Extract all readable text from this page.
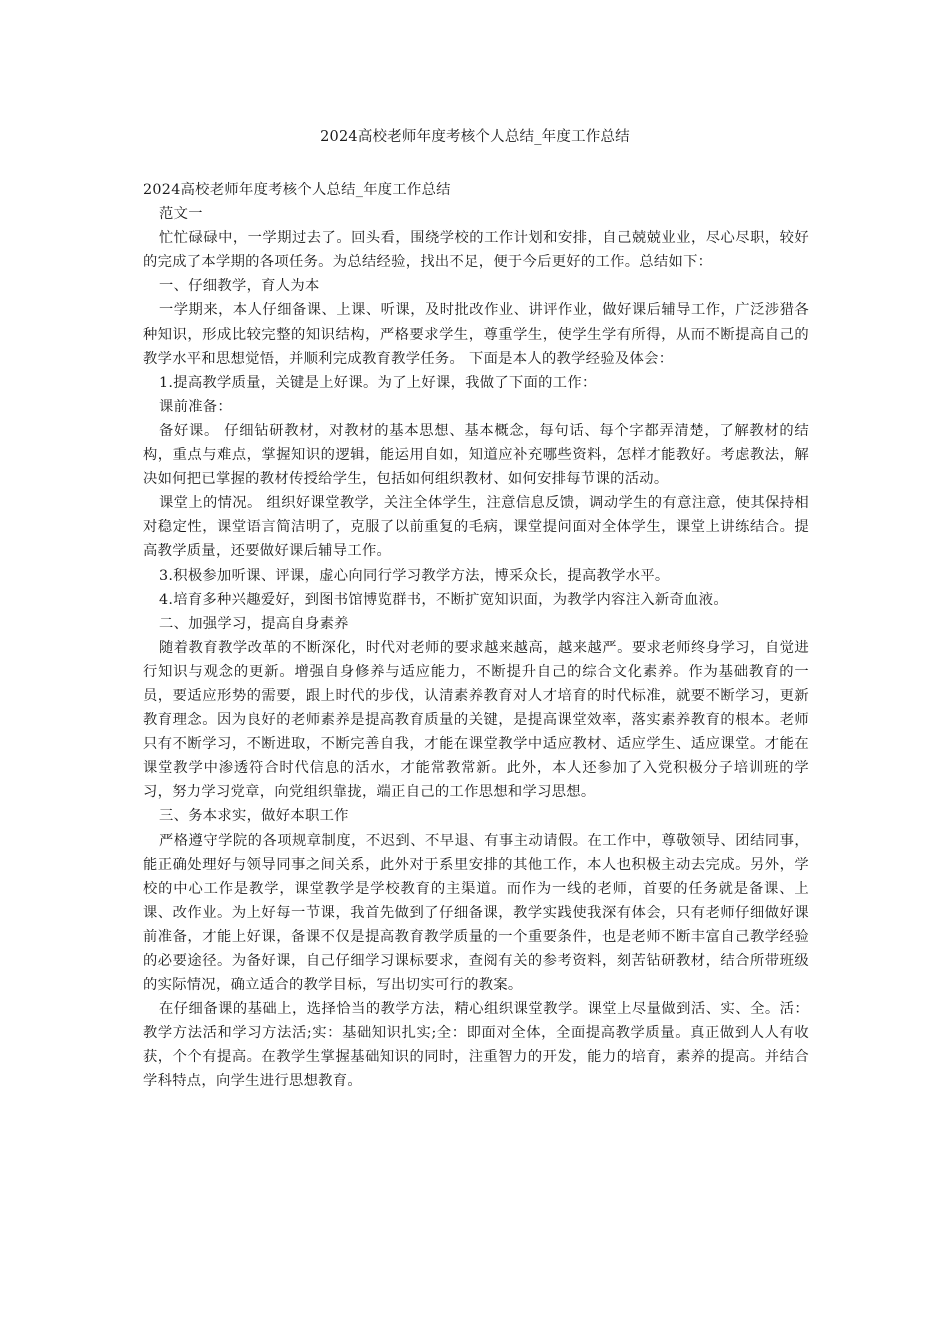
2024高校老师年度考核个人总结_年度工作总结

2024高校老师年度考核个人总结_年度工作总结

范文一

忙忙碌碌中，一学期过去了。回头看，围绕学校的工作计划和安排，自己兢兢业业，尽心尽职，较好的完成了本学期的各项任务。为总结经验，找出不足，便于今后更好的工作。总结如下：

一、仔细教学，育人为本

一学期来，本人仔细备课、上课、听课，及时批改作业、讲评作业，做好课后辅导工作，广泛涉猎各种知识，形成比较完整的知识结构，严格要求学生，尊重学生，使学生学有所得，从而不断提高自己的教学水平和思想觉悟，并顺利完成教育教学任务。 下面是本人的教学经验及体会：

1.提高教学质量，关键是上好课。为了上好课，我做了下面的工作：

课前准备：

备好课。 仔细钻研教材，对教材的基本思想、基本概念，每句话、每个字都弄清楚，了解教材的结构，重点与难点，掌握知识的逻辑，能运用自如，知道应补充哪些资料，怎样才能教好。考虑教法，解决如何把已掌握的教材传授给学生，包括如何组织教材、如何安排每节课的活动。

课堂上的情况。 组织好课堂教学，关注全体学生，注意信息反馈，调动学生的有意注意，使其保持相对稳定性，课堂语言简洁明了，克服了以前重复的毛病，课堂提问面对全体学生，课堂上讲练结合。提高教学质量，还要做好课后辅导工作。

3.积极参加听课、评课，虚心向同行学习教学方法，博采众长，提高教学水平。

4.培育多种兴趣爱好，到图书馆博览群书，不断扩宽知识面，为教学内容注入新奇血液。

二、加强学习，提高自身素养

随着教育教学改革的不断深化，时代对老师的要求越来越高，越来越严。要求老师终身学习，自觉进行知识与观念的更新。增强自身修养与适应能力，不断提升自己的综合文化素养。作为基础教育的一员，要适应形势的需要，跟上时代的步伐，认清素养教育对人才培育的时代标准，就要不断学习，更新教育理念。因为良好的老师素养是提高教育质量的关键，是提高课堂效率，落实素养教育的根本。老师只有不断学习，不断进取，不断完善自我，才能在课堂教学中适应教材、适应学生、适应课堂。才能在课堂教学中渗透符合时代信息的活水，才能常教常新。此外，本人还参加了入党积极分子培训班的学习，努力学习党章，向党组织靠拢，端正自己的工作思想和学习思想。

三、务本求实，做好本职工作

严格遵守学院的各项规章制度，不迟到、不早退、有事主动请假。在工作中，尊敬领导、团结同事，能正确处理好与领导同事之间关系，此外对于系里安排的其他工作，本人也积极主动去完成。另外，学校的中心工作是教学，课堂教学是学校教育的主渠道。而作为一线的老师，首要的任务就是备课、上课、改作业。为上好每一节课，我首先做到了仔细备课，教学实践使我深有体会，只有老师仔细做好课前准备，才能上好课，备课不仅是提高教育教学质量的一个重要条件，也是老师不断丰富自己教学经验的必要途径。为备好课，自己仔细学习课标要求，查阅有关的参考资料，刻苦钻研教材，结合所带班级的实际情况，确立适合的教学目标，写出切实可行的教案。

在仔细备课的基础上，选择恰当的教学方法，精心组织课堂教学。课堂上尽量做到活、实、全。活：教学方法活和学习方法活;实：基础知识扎实;全：即面对全体，全面提高教学质量。真正做到人人有收获，个个有提高。在教学生掌握基础知识的同时，注重智力的开发，能力的培育，素养的提高。并结合学科特点，向学生进行思想教育。
